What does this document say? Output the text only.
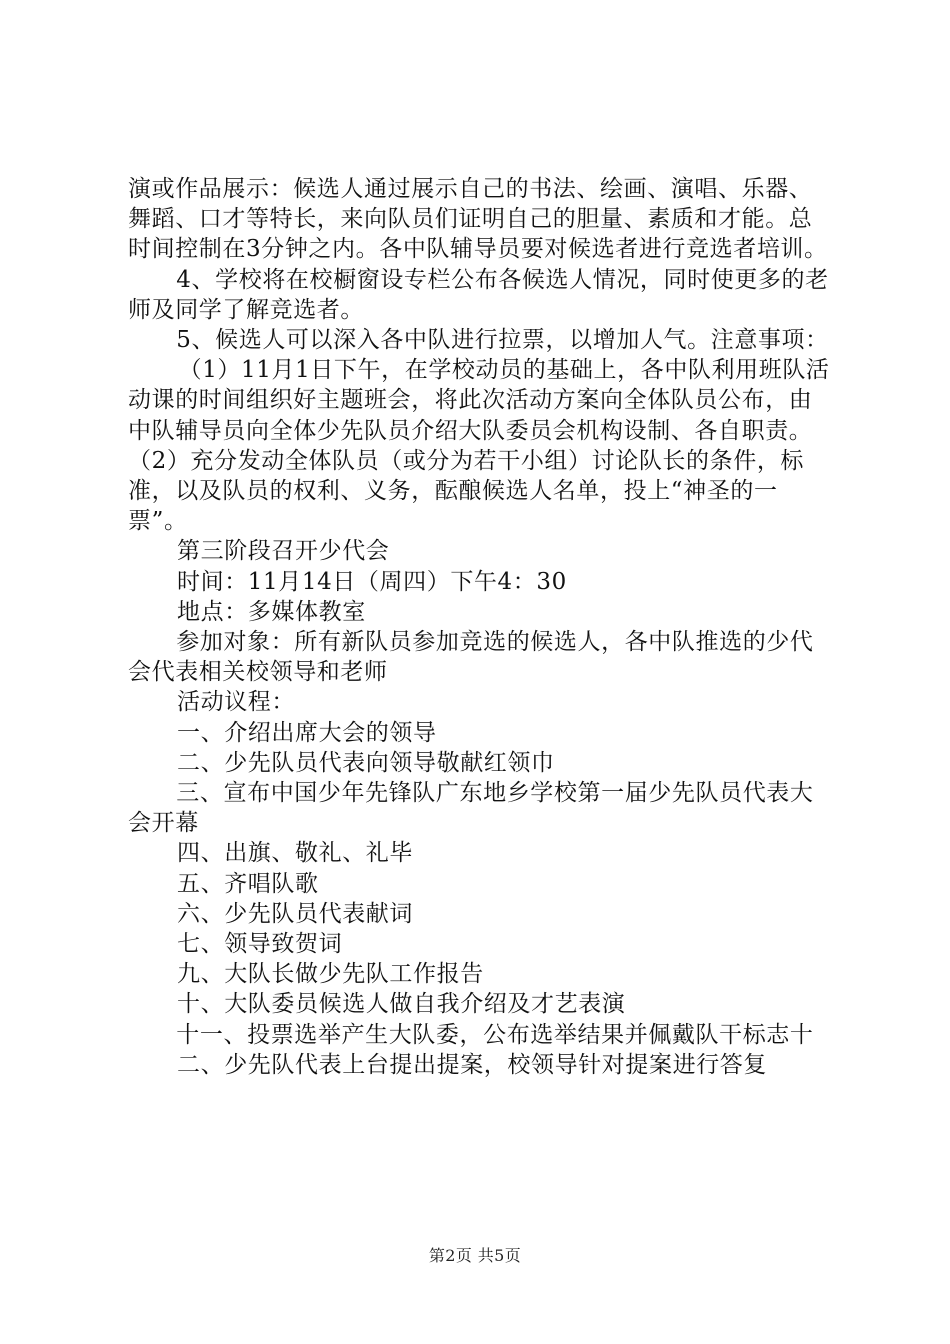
演或作品展示：候选人通过展示自己的书法、绘画、演唱、乐器、舞蹈、口才等特长，来向队员们证明自己的胆量、素质和才能。总时间控制在3分钟之内。各中队辅导员要对候选者进行竞选者培训。

4、学校将在校橱窗设专栏公布各候选人情况，同时使更多的老师及同学了解竞选者。

5、候选人可以深入各中队进行拉票，以增加人气。注意事项：

（1）11月1日下午，在学校动员的基础上，各中队利用班队活动课的时间组织好主题班会，将此次活动方案向全体队员公布，由中队辅导员向全体少先队员介绍大队委员会机构设制、各自职责。（2）充分发动全体队员（或分为若干小组）讨论队长的条件，标准，以及队员的权利、义务，酝酿候选人名单，投上“神圣的一票”。

第三阶段召开少代会
时间：11月14日（周四）下午4：30
地点：多媒体教室

参加对象：所有新队员参加竞选的候选人，各中队推选的少代会代表相关校领导和老师

活动议程：
一、介绍出席大会的领导
二、少先队员代表向领导敬献红领巾

三、宣布中国少年先锋队广东地乡学校第一届少先队员代表大会开幕

四、出旗、敬礼、礼毕
五、齐唱队歌
六、少先队员代表献词
七、领导致贺词
九、大队长做少先队工作报告
十、大队委员候选人做自我介绍及才艺表演

十一、投票选举产生大队委，公布选举结果并佩戴队干标志十

二、少先队代表上台提出提案，校领导针对提案进行答复
第2页 共5页
